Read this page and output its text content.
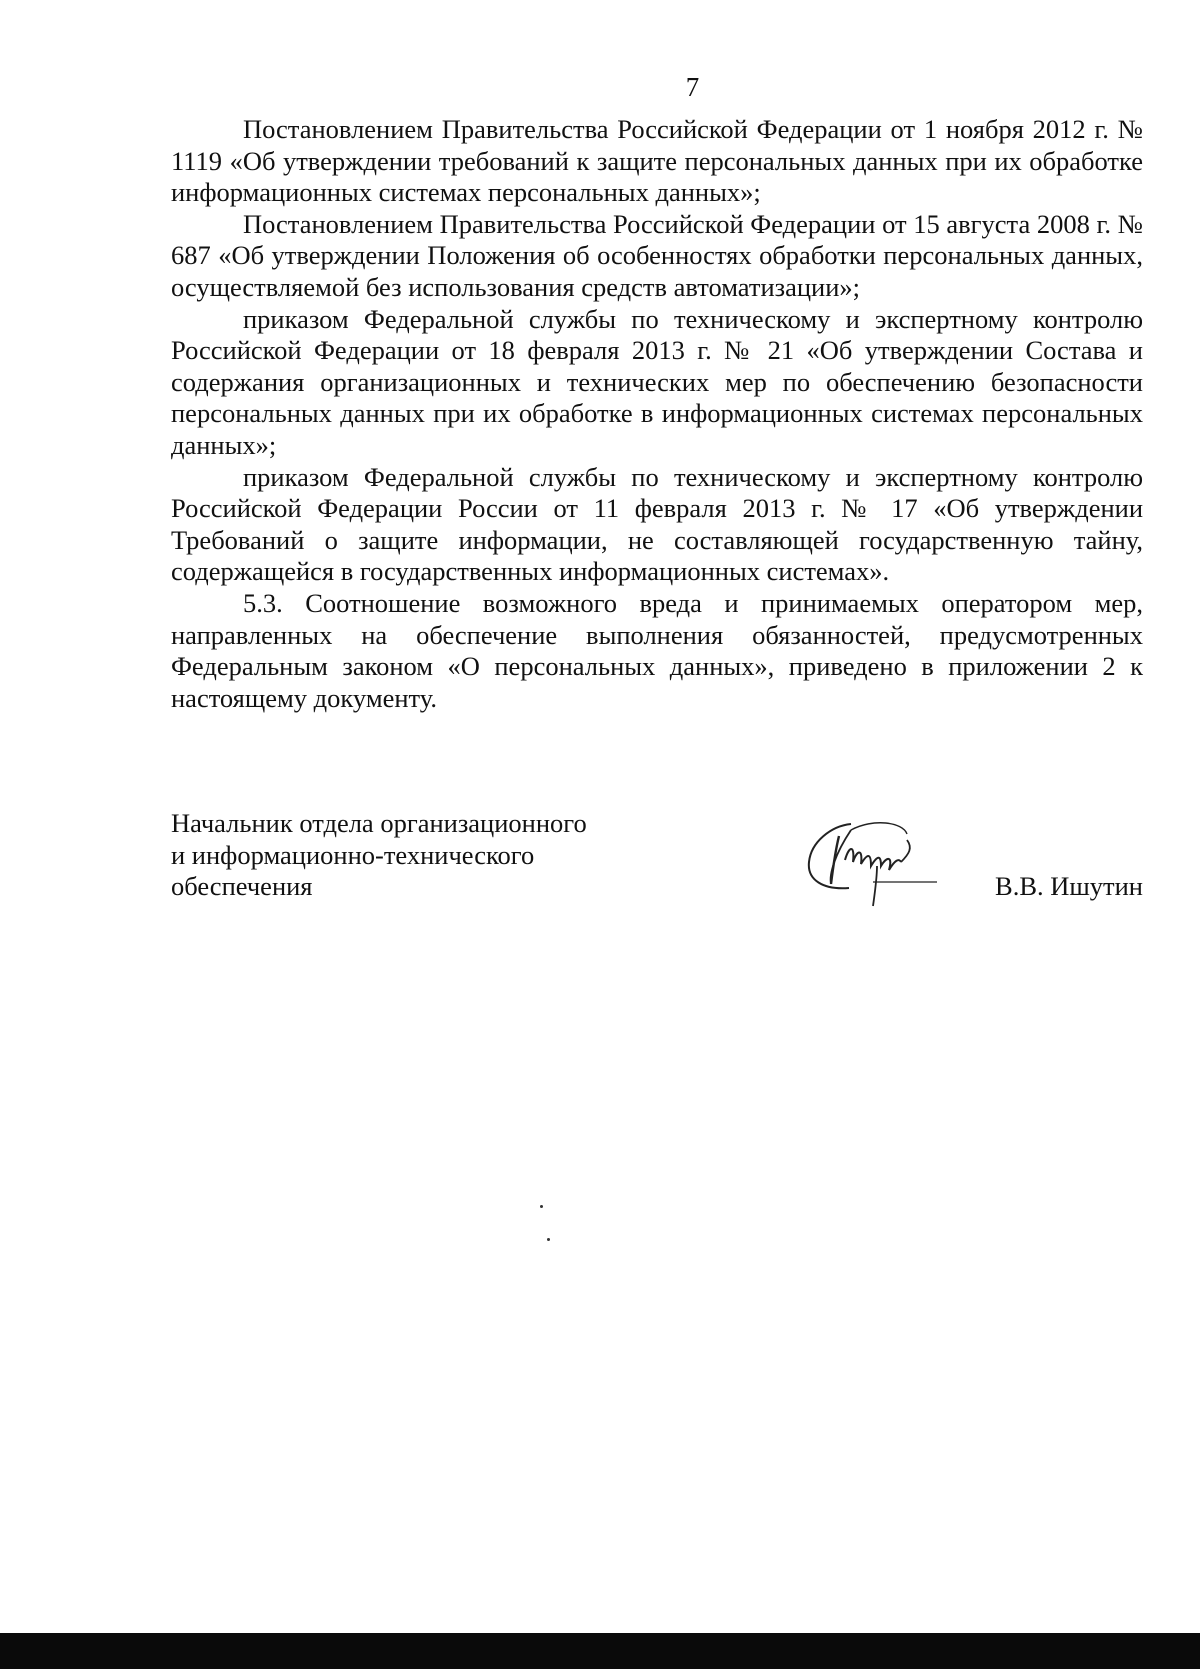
7

Постановлением Правительства Российской Федерации от 1 ноября 2012 г. № 1119 «Об утверждении требований к защите персональных данных при их обработке информационных системах персональных данных»;

Постановлением Правительства Российской Федерации от 15 августа 2008 г. № 687 «Об утверждении Положения об особенностях обработки персональных данных, осуществляемой без использования средств автоматизации»;

приказом Федеральной службы по техническому и экспертному контролю Российской Федерации от 18 февраля 2013 г. № 21 «Об утверждении Состава и содержания организационных и технических мер по обеспечению безопасности персональных данных при их обработке в информационных системах персональных данных»;

приказом Федеральной службы по техническому и экспертному контролю Российской Федерации России от 11 февраля 2013 г. № 17 «Об утверждении Требований о защите информации, не составляющей государственную тайну, содержащейся в государственных информационных системах».

5.3. Соотношение возможного вреда и принимаемых оператором мер, направленных на обеспечение выполнения обязанностей, предусмотренных Федеральным законом «О персональных данных», приведено в приложении 2 к настоящему документу.

Начальник отдела организационного
и информационно-технического
обеспечения	В.В. Ишутин
